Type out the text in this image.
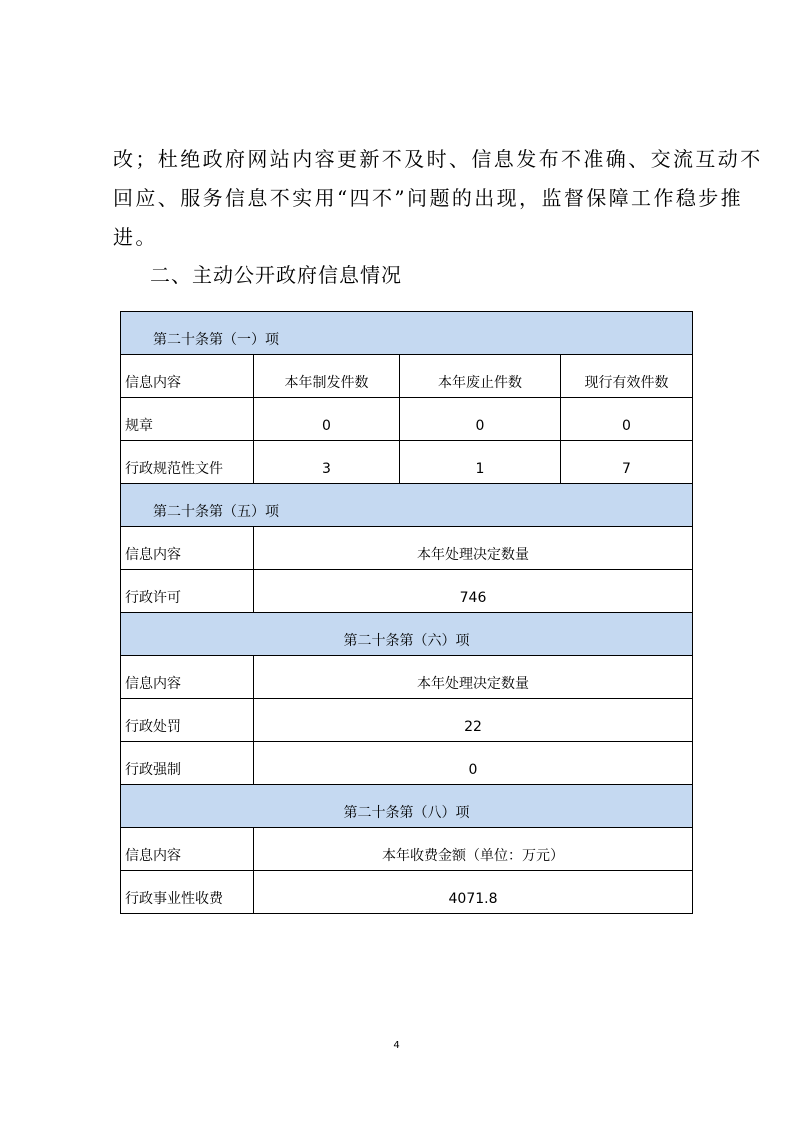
改；杜绝政府网站内容更新不及时、信息发布不准确、交流互动不
回应、服务信息不实用“四不”问题的出现，监督保障工作稳步推
进。
二、主动公开政府信息情况
第二十条第（一）项			

信息内容	本年制发件数	本年废止件数	现行有效件数

规章	0	0	0

行政规范性文件	3	1	7

第二十条第（五）项			

信息内容	本年处理决定数量		

行政许可	746		

第二十条第（六）项			

信息内容	本年处理决定数量		

行政处罚	22		

行政强制	0		

第二十条第（八）项			

信息内容	本年收费金额（单位：万元）		

行政事业性收费	4071.8		
4
